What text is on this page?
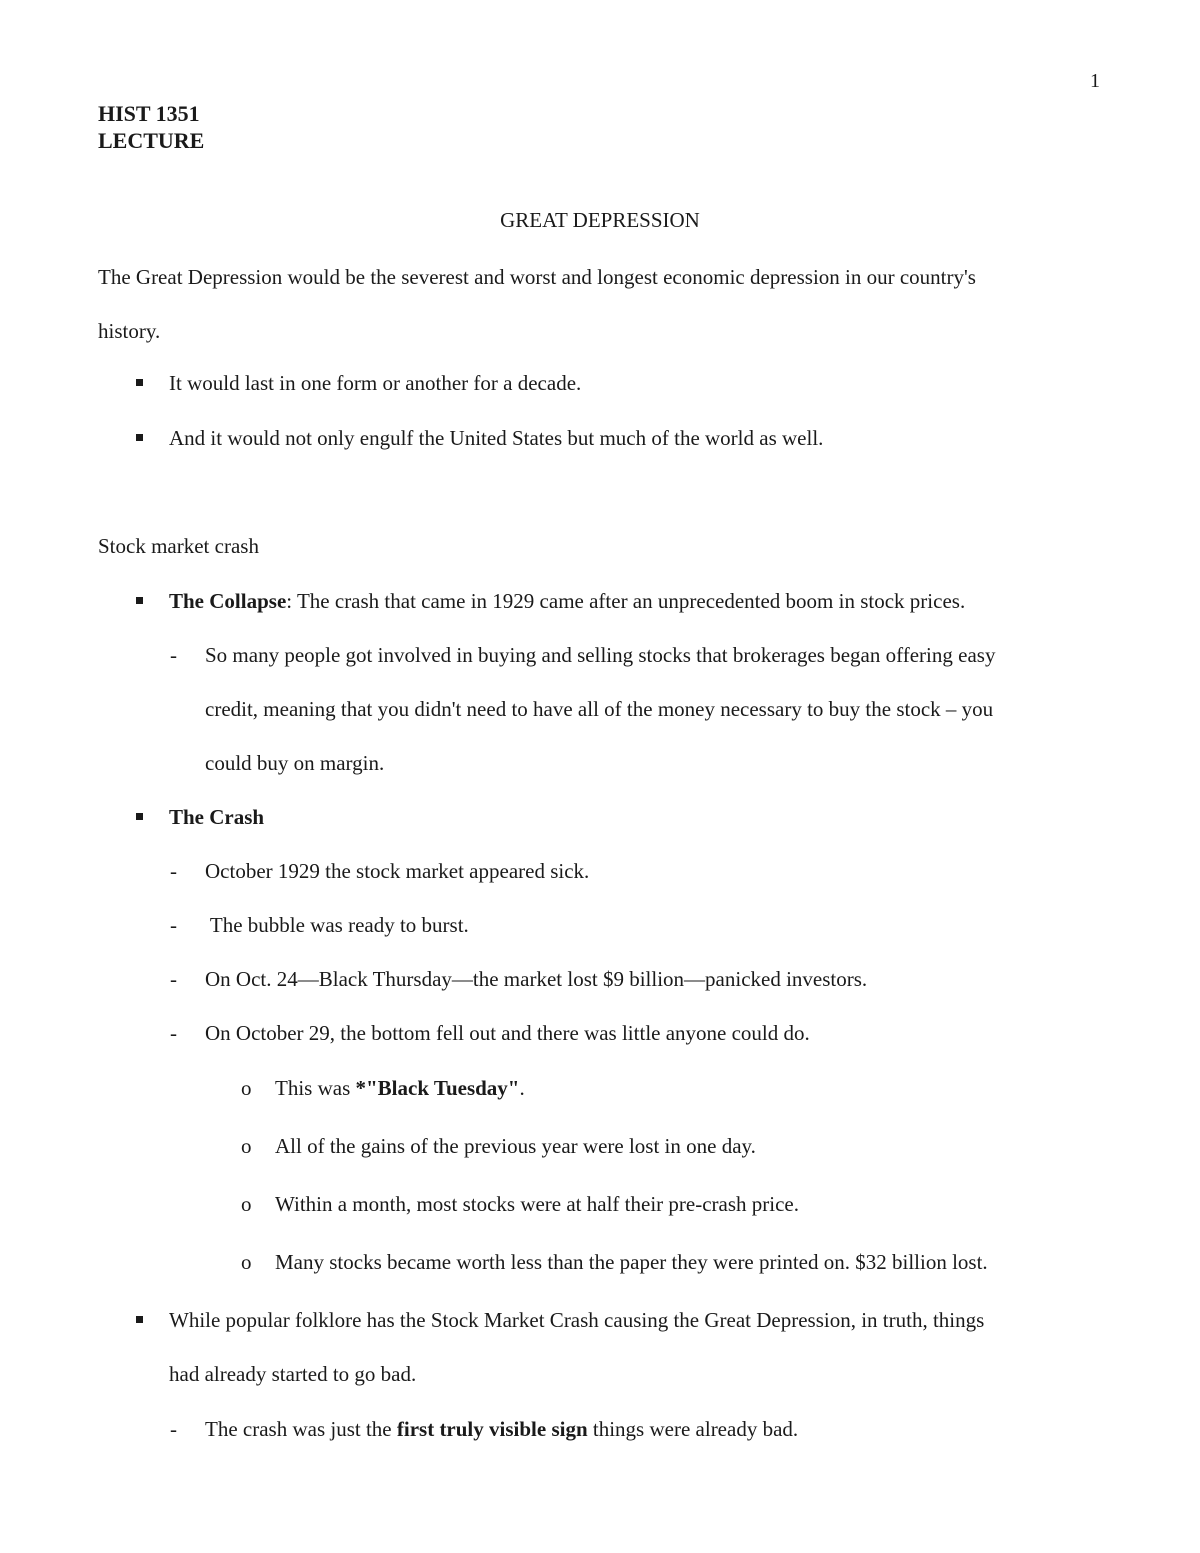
1
HIST 1351
LECTURE
GREAT DEPRESSION
The Great Depression would be the severest and worst and longest economic depression in our country's
history.
It would last in one form or another for a decade.
And it would not only engulf the United States but much of the world as well.
Stock market crash
The Collapse: The crash that came in 1929 came after an unprecedented boom in stock prices.
- So many people got involved in buying and selling stocks that brokerages began offering easy
credit, meaning that you didn't need to have all of the money necessary to buy the stock – you
could buy on margin.
The Crash
- October 1929 the stock market appeared sick.
- The bubble was ready to burst.
- On Oct. 24—Black Thursday—the market lost $9 billion—panicked investors.
- On October 29, the bottom fell out and there was little anyone could do.
o This was *"Black Tuesday".
o All of the gains of the previous year were lost in one day.
o Within a month, most stocks were at half their pre-crash price.
o Many stocks became worth less than the paper they were printed on. $32 billion lost.
While popular folklore has the Stock Market Crash causing the Great Depression, in truth, things
had already started to go bad.
- The crash was just the first truly visible sign things were already bad.
